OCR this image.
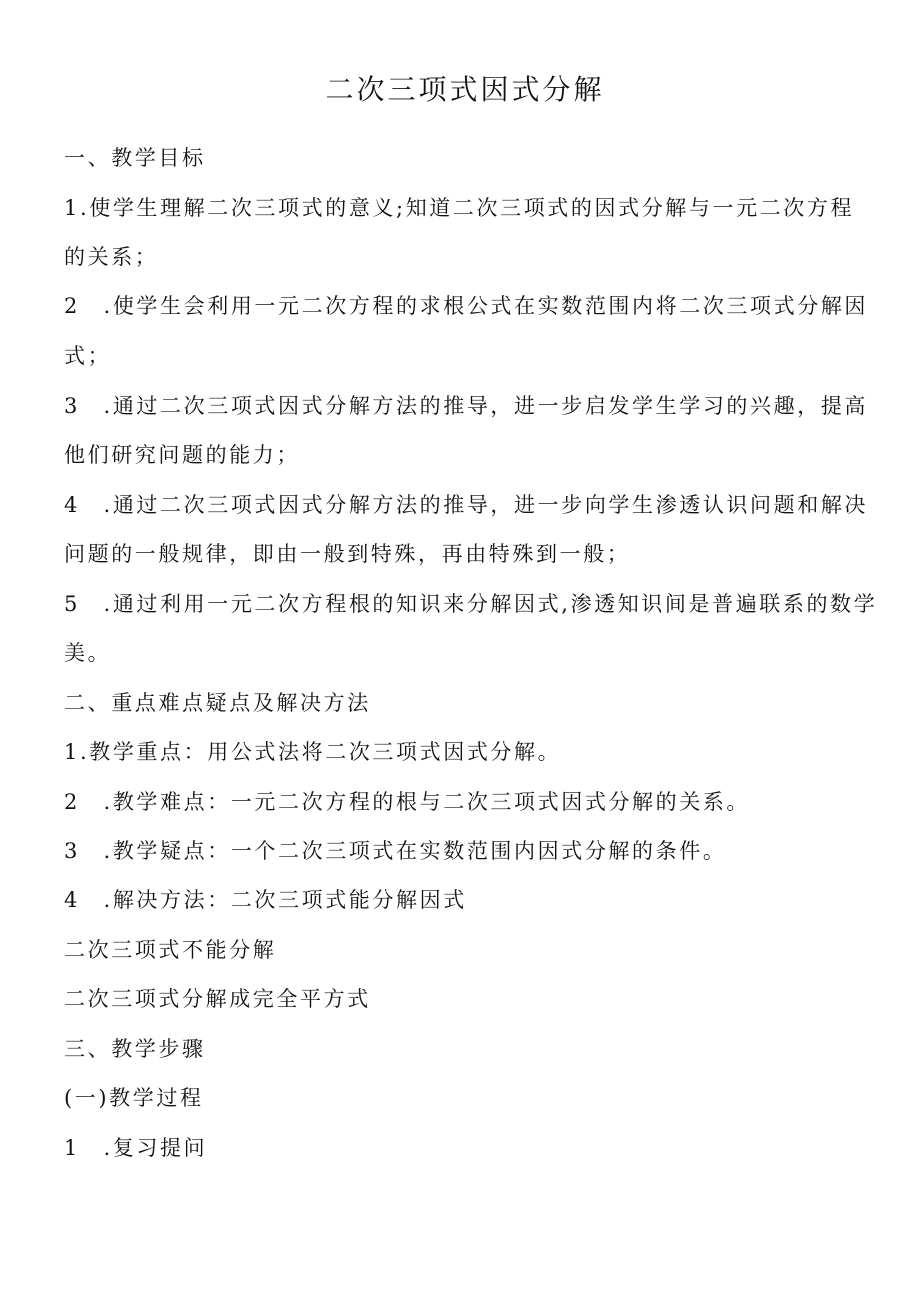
二次三项式因式分解

一、教学目标

1.使学生理解二次三项式的意义;知道二次三项式的因式分解与一元二次方程

的关系；

2　.使学生会利用一元二次方程的求根公式在实数范围内将二次三项式分解因

式；

3　.通过二次三项式因式分解方法的推导，进一步启发学生学习的兴趣，提高

他们研究问题的能力；

4　.通过二次三项式因式分解方法的推导，进一步向学生渗透认识问题和解决

问题的一般规律，即由一般到特殊，再由特殊到一般；

5　.通过利用一元二次方程根的知识来分解因式,渗透知识间是普遍联系的数学

美。

二、重点难点疑点及解决方法

1.教学重点：用公式法将二次三项式因式分解。

2　.教学难点：一元二次方程的根与二次三项式因式分解的关系。

3　.教学疑点：一个二次三项式在实数范围内因式分解的条件。

4　.解决方法：二次三项式能分解因式

二次三项式不能分解

二次三项式分解成完全平方式

三、教学步骤

(一)教学过程

1　.复习提问
